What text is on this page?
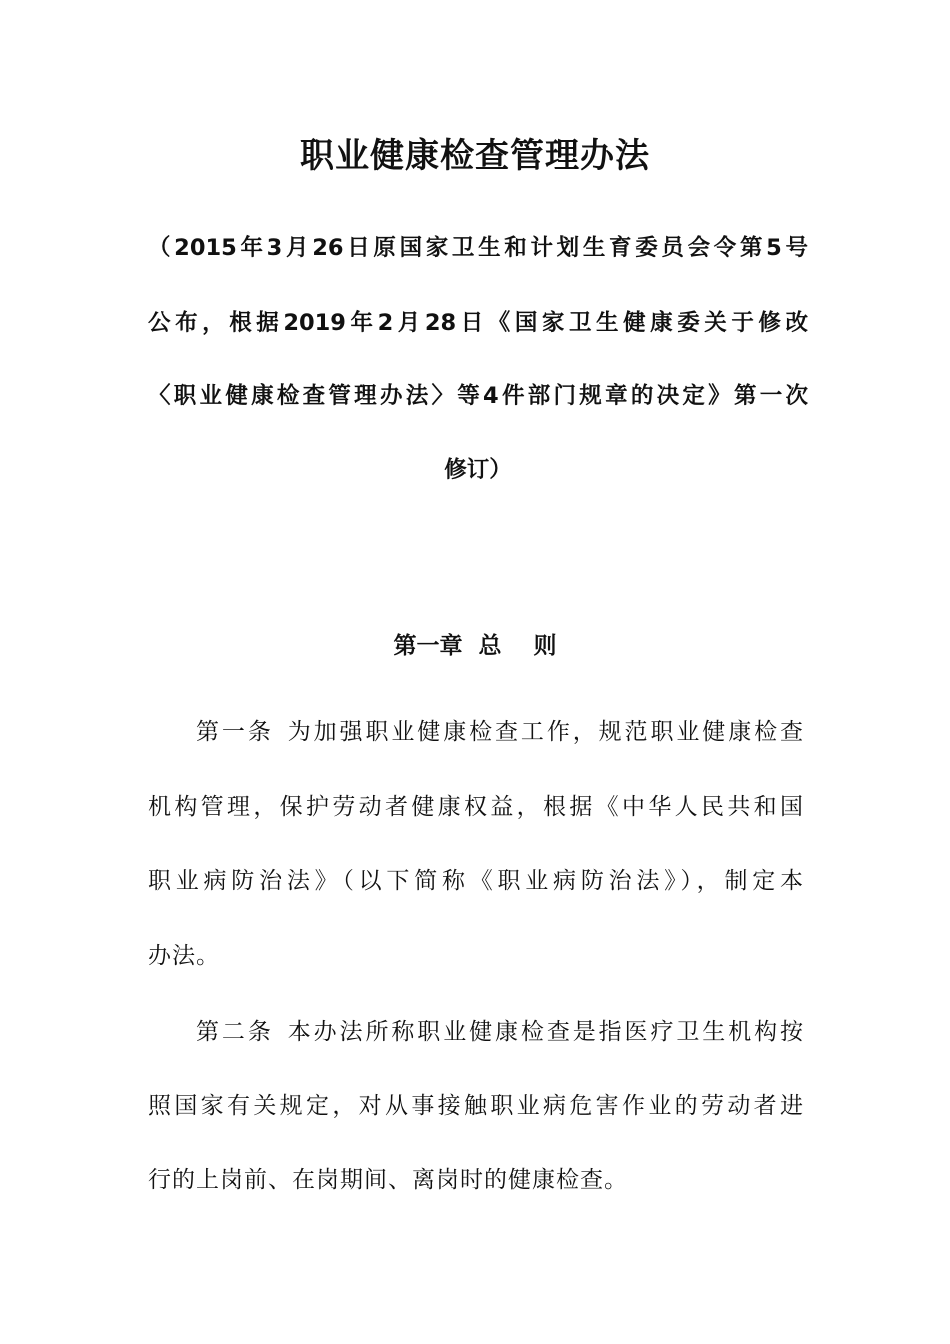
职业健康检查管理办法
（2015年3月26日原国家卫生和计划生育委员会令第5号
公布，根据2019年2月28日《国家卫生健康委关于修改
〈职业健康检查管理办法〉等4件部门规章的决定》第一次
修订）
第一章 总 则
第一条 为加强职业健康检查工作，规范职业健康检查
机构管理，保护劳动者健康权益，根据《中华人民共和国
职业病防治法》（以下简称《职业病防治法》），制定本
办法。
第二条 本办法所称职业健康检查是指医疗卫生机构按
照国家有关规定，对从事接触职业病危害作业的劳动者进
行的上岗前、在岗期间、离岗时的健康检查。
